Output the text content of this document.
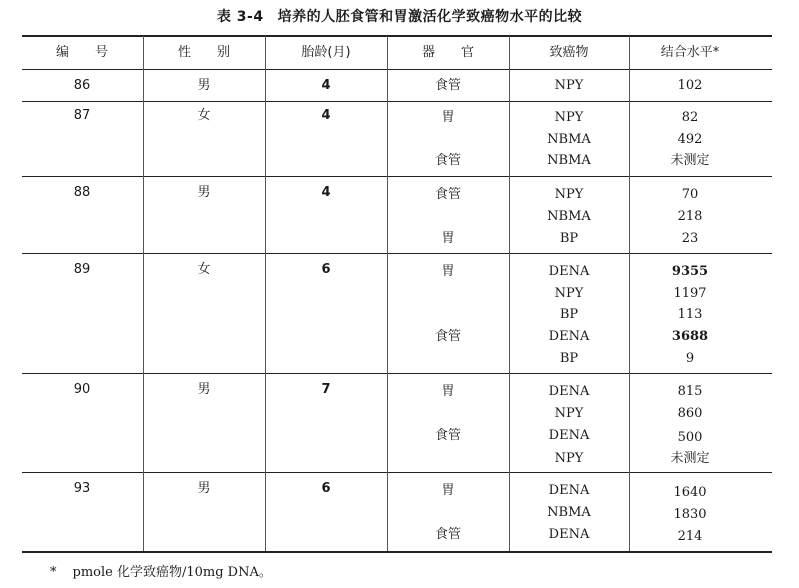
表 3-4 培养的人胚食管和胃激活化学致癌物水平的比较
编　　号	性　　别	胎龄(月)	器　　官	致癌物	结合水平*
86	男	4	食管	NPY	102
87	女	4	胃	NPY	82
NBMA	492
食管	NBMA	未测定
88	男	4	食管	NPY	70
NBMA	218
胃	BP	23
89	女	6	胃	DENA	9355
NPY	1197
BP	113
食管	DENA	3688
BP	9
90	男	7	胃	DENA	815
NPY	860
食管	DENA	500
NPY	未测定
93	男	6	胃	DENA	1640
NBMA	1830
食管	DENA	214
* pmole 化学致癌物/10mg DNA。
